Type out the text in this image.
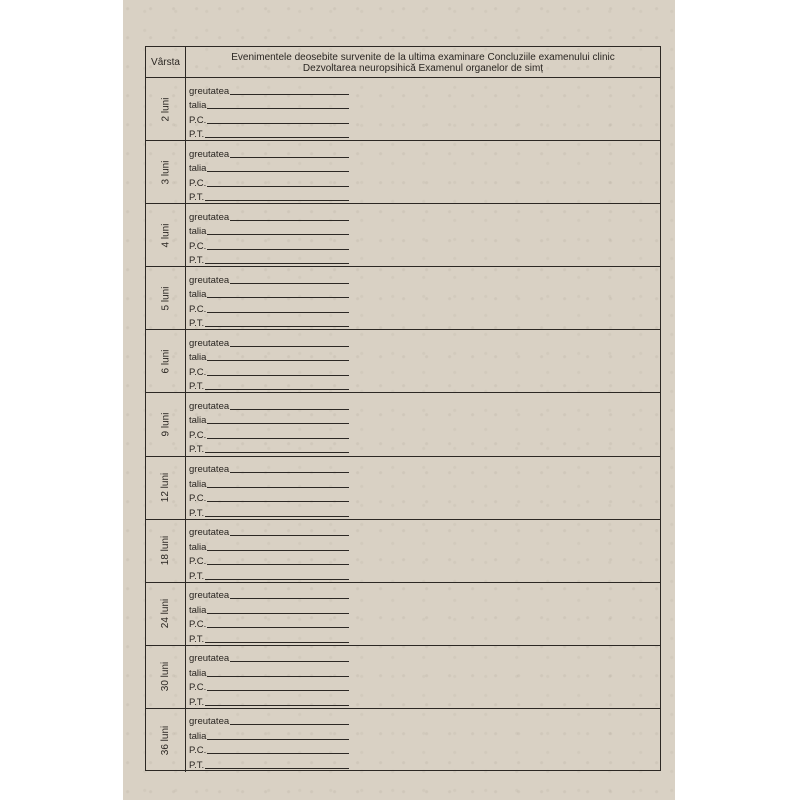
Vârsta	Evenimentele deosebite survenite de la ultima examinare Concluziile examenului clinic
Dezvoltarea neuropsihică Examenul organelor de simț
2 luni
greutatea
talia
P.C.
P.T.
3 luni
greutatea
talia
P.C.
P.T.
4 luni
greutatea
talia
P.C.
P.T.
5 luni
greutatea
talia
P.C.
P.T.
6 luni
greutatea
talia
P.C.
P.T.
9 luni
greutatea
talia
P.C.
P.T.
12 luni
greutatea
talia
P.C.
P.T.
18 luni
greutatea
talia
P.C.
P.T.
24 luni
greutatea
talia
P.C.
P.T.
30 luni
greutatea
talia
P.C.
P.T.
36 luni
greutatea
talia
P.C.
P.T.
